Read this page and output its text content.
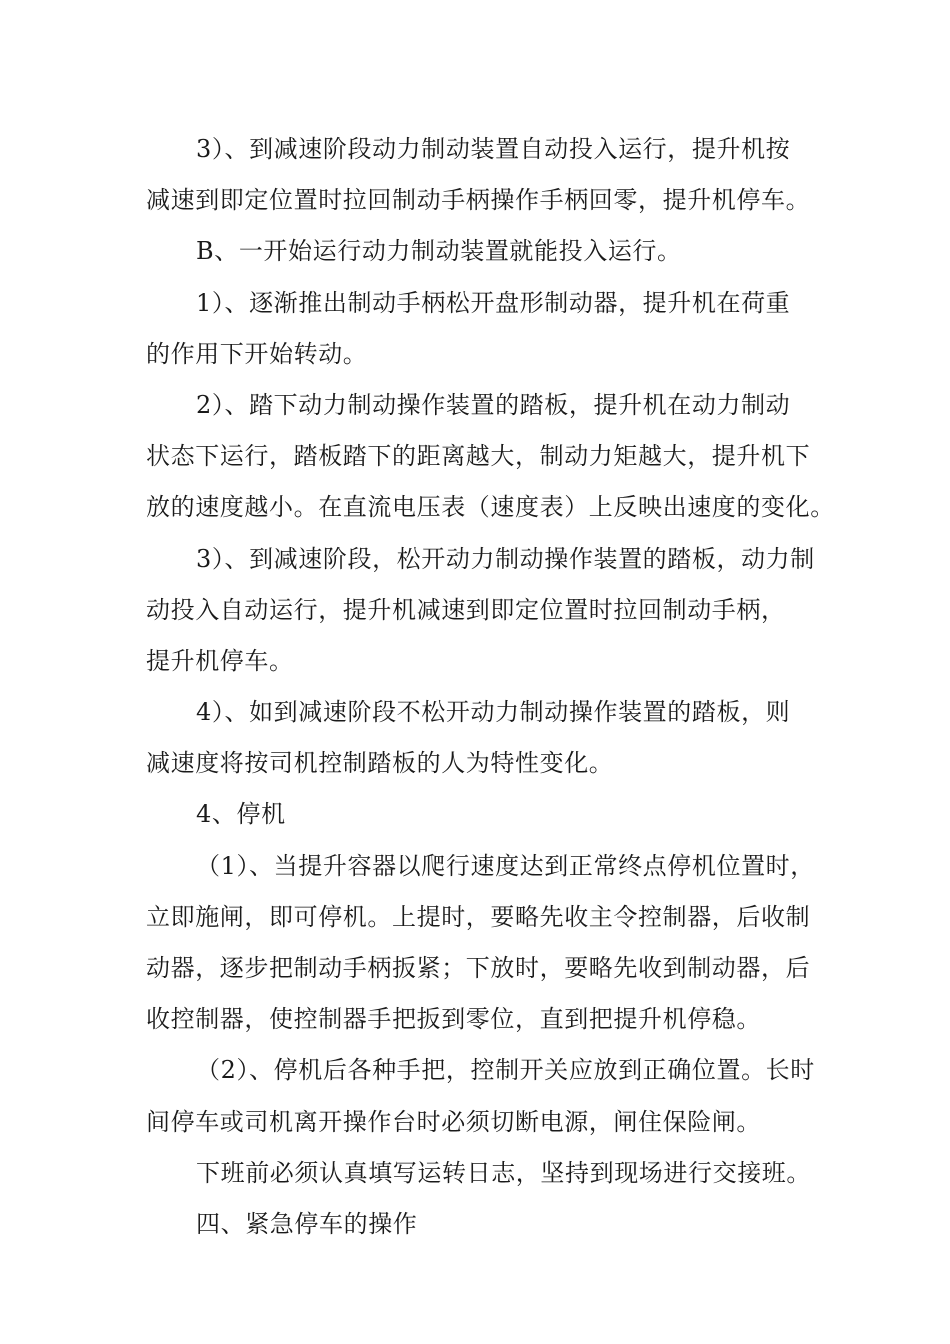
3）、到减速阶段动力制动装置自动投入运行，提升机按

减速到即定位置时拉回制动手柄操作手柄回零，提升机停车。

B、一开始运行动力制动装置就能投入运行。

1）、逐渐推出制动手柄松开盘形制动器，提升机在荷重

的作用下开始转动。

2）、踏下动力制动操作装置的踏板，提升机在动力制动

状态下运行，踏板踏下的距离越大，制动力矩越大，提升机下

放的速度越小。在直流电压表（速度表）上反映出速度的变化。

3）、到减速阶段，松开动力制动操作装置的踏板，动力制

动投入自动运行，提升机减速到即定位置时拉回制动手柄，

提升机停车。

4）、如到减速阶段不松开动力制动操作装置的踏板，则

减速度将按司机控制踏板的人为特性变化。

4、停机

（1）、当提升容器以爬行速度达到正常终点停机位置时，

立即施闸，即可停机。上提时，要略先收主令控制器，后收制

动器，逐步把制动手柄扳紧；下放时，要略先收到制动器，后

收控制器，使控制器手把扳到零位，直到把提升机停稳。

（2）、停机后各种手把，控制开关应放到正确位置。长时

间停车或司机离开操作台时必须切断电源，闸住保险闸。

下班前必须认真填写运转日志，坚持到现场进行交接班。

四、紧急停车的操作
